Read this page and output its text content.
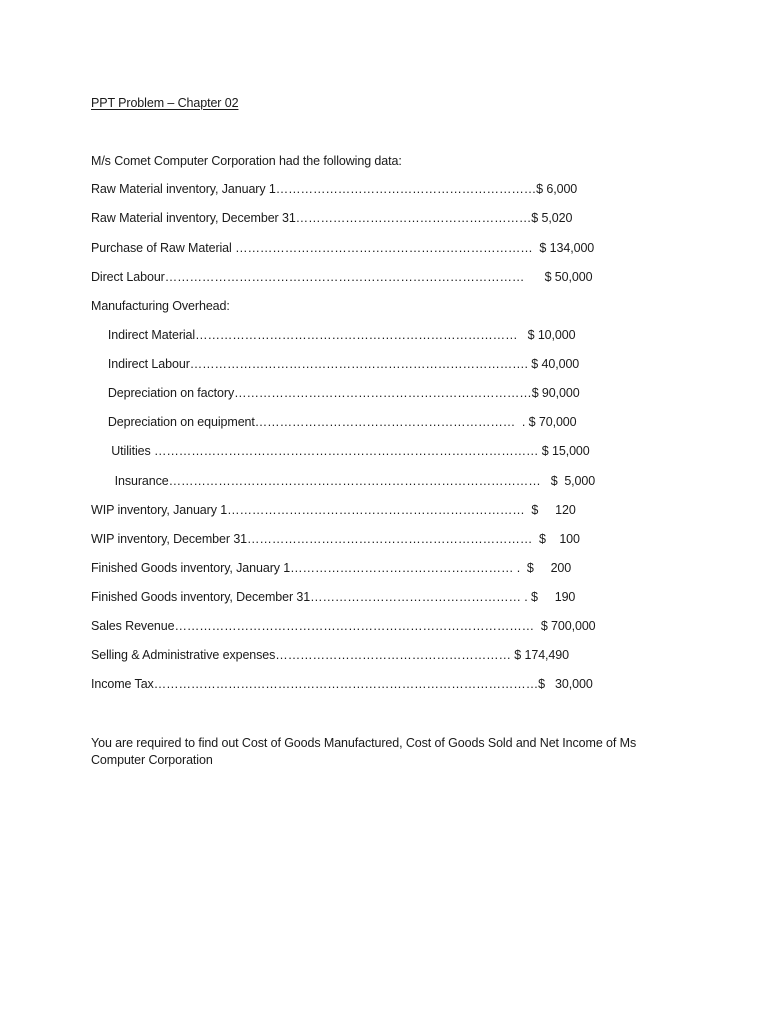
PPT Problem – Chapter 02
M/s Comet Computer Corporation had the following data:
Raw Material inventory, January 1………………………………………………………$ 6,000
Raw Material inventory, December 31…………………………………………………$ 5,020
Purchase of Raw Material ………………………………………………………………  $ 134,000
Direct Labour……………………………………………………………………………      $ 50,000
Manufacturing Overhead:
Indirect Material……………………………………………………………………   $ 10,000
Indirect Labour………………………………………………………………………. $ 40,000
Depreciation on factory………………………………………………………………$ 90,000
Depreciation on equipment………………………………………………………  . $ 70,000
Utilities ………………………………………………………………………………… $ 15,000
Insurance………………………………………………………………………………   $  5,000
WIP inventory, January 1………………………………………………………………  $     120
WIP inventory, December 31……………………………………………………………  $    100
Finished Goods inventory, January 1……………………………………………… .  $     200
Finished Goods inventory, December 31…………………………………………… . $     190
Sales Revenue……………………………………………………………………………  $ 700,000
Selling & Administrative expenses………………………………………………… $ 174,490
Income Tax…………………………………………………………………………………$   30,000
You are required to find out Cost of Goods Manufactured, Cost of Goods Sold and Net Income of Ms Computer Corporation
